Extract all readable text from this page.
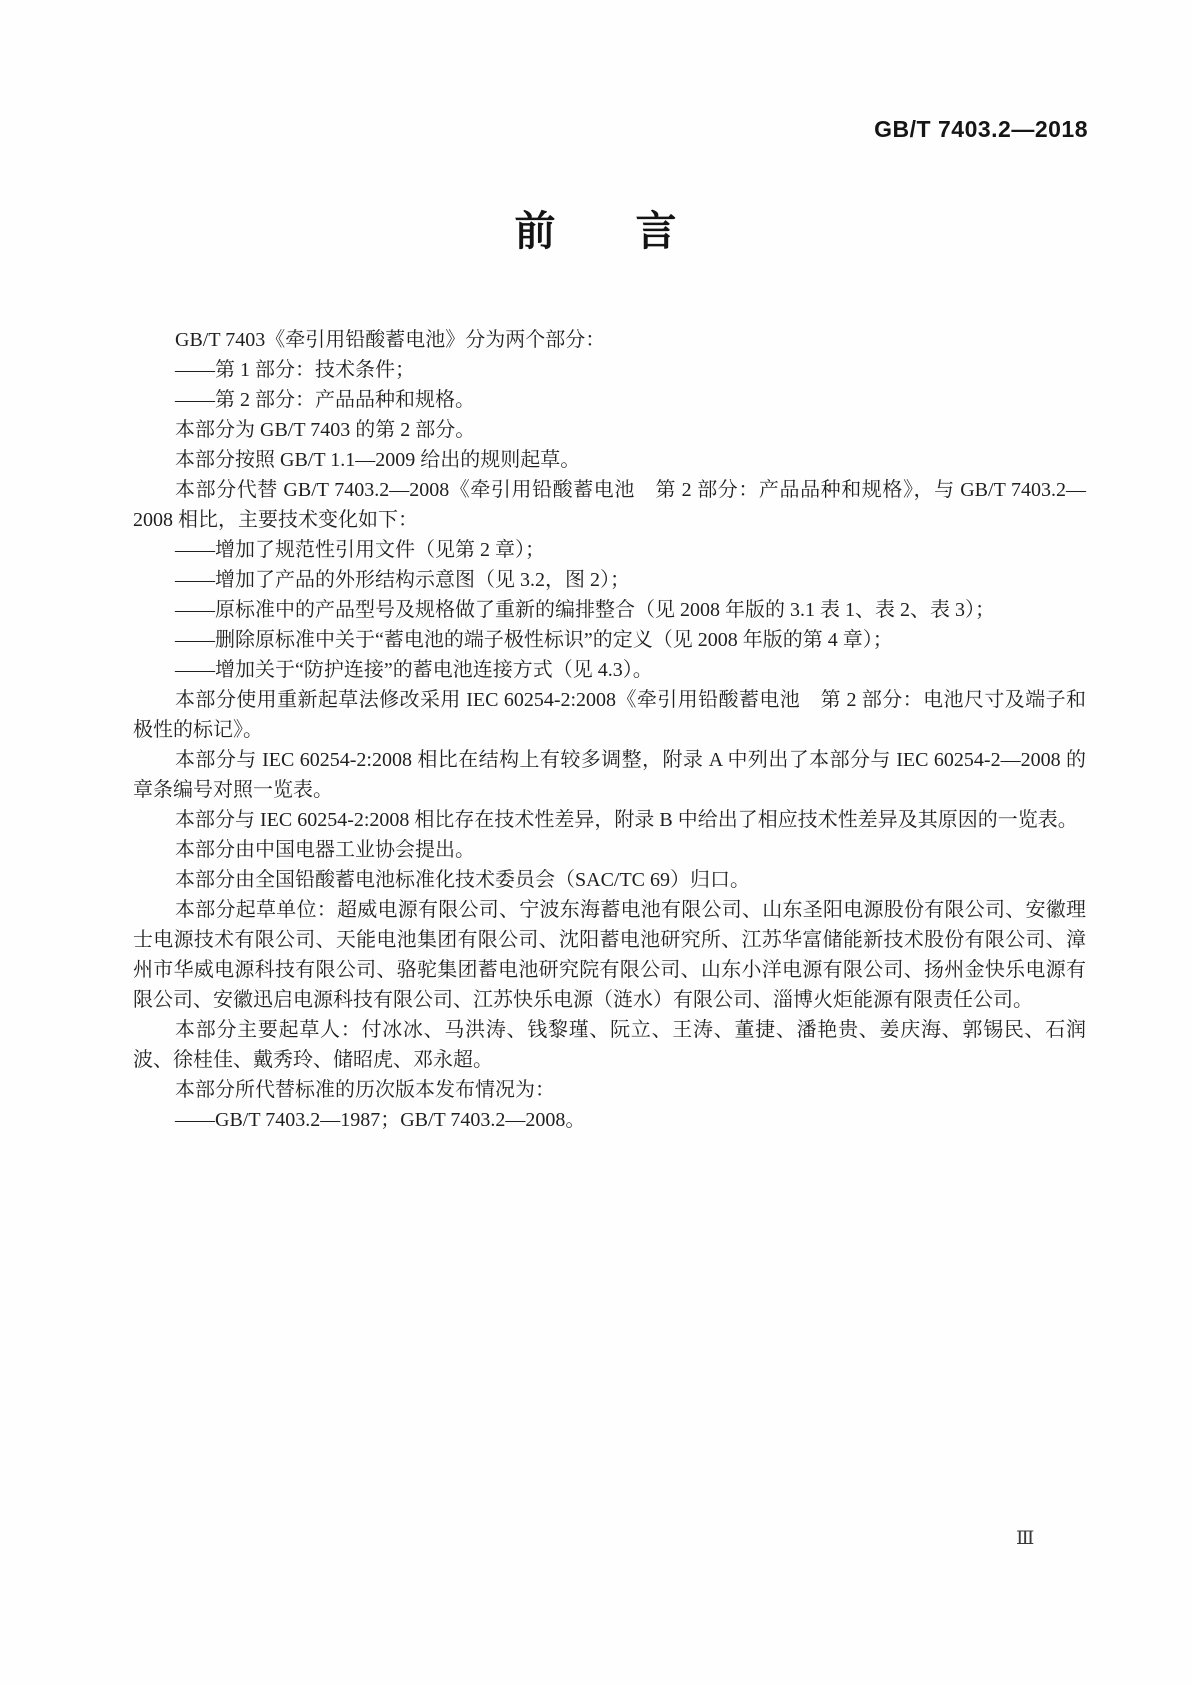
GB/T 7403.2—2018
前 言

GB/T 7403《牵引用铅酸蓄电池》分为两个部分：

——第 1 部分：技术条件；

——第 2 部分：产品品种和规格。

本部分为 GB/T 7403 的第 2 部分。

本部分按照 GB/T 1.1—2009 给出的规则起草。

本部分代替 GB/T 7403.2—2008《牵引用铅酸蓄电池　第 2 部分：产品品种和规格》，与 GB/T 7403.2—2008 相比，主要技术变化如下：

——增加了规范性引用文件（见第 2 章）；

——增加了产品的外形结构示意图（见 3.2，图 2）；

——原标准中的产品型号及规格做了重新的编排整合（见 2008 年版的 3.1 表 1、表 2、表 3）；

——删除原标准中关于“蓄电池的端子极性标识”的定义（见 2008 年版的第 4 章）；

——增加关于“防护连接”的蓄电池连接方式（见 4.3）。

本部分使用重新起草法修改采用 IEC 60254-2:2008《牵引用铅酸蓄电池　第 2 部分：电池尺寸及端子和极性的标记》。

本部分与 IEC 60254-2:2008 相比在结构上有较多调整，附录 A 中列出了本部分与 IEC 60254-2—2008 的章条编号对照一览表。

本部分与 IEC 60254-2:2008 相比存在技术性差异，附录 B 中给出了相应技术性差异及其原因的一览表。

本部分由中国电器工业协会提出。

本部分由全国铅酸蓄电池标准化技术委员会（SAC/TC 69）归口。

本部分起草单位：超威电源有限公司、宁波东海蓄电池有限公司、山东圣阳电源股份有限公司、安徽理士电源技术有限公司、天能电池集团有限公司、沈阳蓄电池研究所、江苏华富储能新技术股份有限公司、漳州市华威电源科技有限公司、骆驼集团蓄电池研究院有限公司、山东小洋电源有限公司、扬州金快乐电源有限公司、安徽迅启电源科技有限公司、江苏快乐电源（涟水）有限公司、淄博火炬能源有限责任公司。

本部分主要起草人：付冰冰、马洪涛、钱黎瑾、阮立、王涛、董捷、潘艳贵、姜庆海、郭锡民、石润波、徐桂佳、戴秀玲、储昭虎、邓永超。

本部分所代替标准的历次版本发布情况为：

——GB/T 7403.2—1987；GB/T 7403.2—2008。

Ⅲ
